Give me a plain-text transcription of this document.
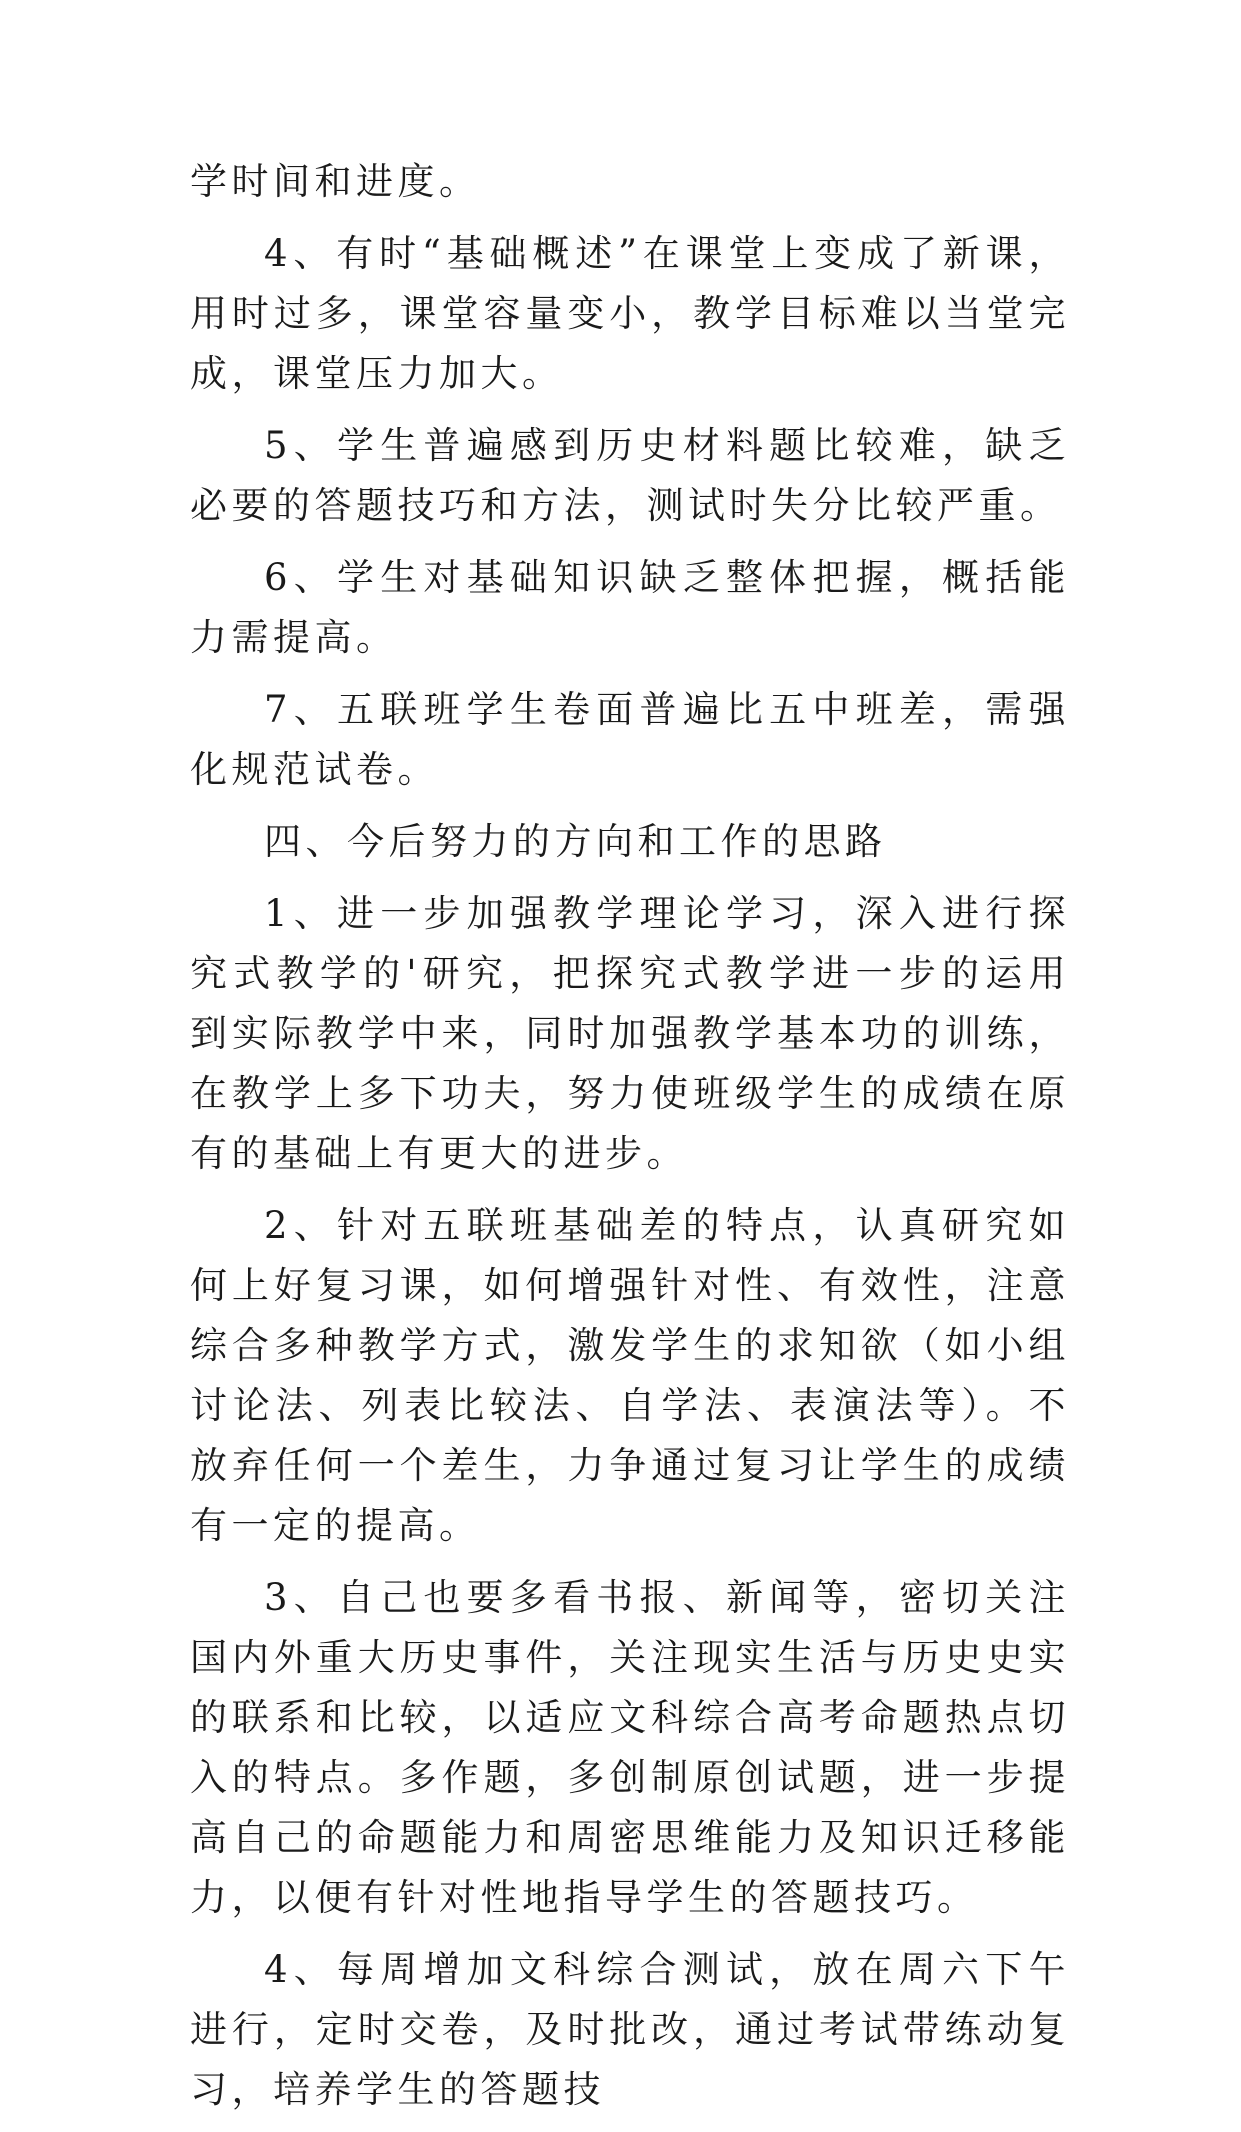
学时间和进度。

4、有时“基础概述”在课堂上变成了新课，用时过多，课堂容量变小，教学目标难以当堂完成，课堂压力加大。

5、学生普遍感到历史材料题比较难，缺乏必要的答题技巧和方法，测试时失分比较严重。

6、学生对基础知识缺乏整体把握，概括能力需提高。

7、五联班学生卷面普遍比五中班差，需强化规范试卷。

四、今后努力的方向和工作的思路

1、进一步加强教学理论学习，深入进行探究式教学的'研究，把探究式教学进一步的运用到实际教学中来，同时加强教学基本功的训练，在教学上多下功夫，努力使班级学生的成绩在原有的基础上有更大的进步。

2、针对五联班基础差的特点，认真研究如何上好复习课，如何增强针对性、有效性，注意综合多种教学方式，激发学生的求知欲（如小组讨论法、列表比较法、自学法、表演法等）。不放弃任何一个差生，力争通过复习让学生的成绩有一定的提高。

3、自己也要多看书报、新闻等，密切关注国内外重大历史事件，关注现实生活与历史史实的联系和比较，以适应文科综合高考命题热点切入的特点。多作题，多创制原创试题，进一步提高自己的命题能力和周密思维能力及知识迁移能力，以便有针对性地指导学生的答题技巧。

4、每周增加文科综合测试，放在周六下午进行，定时交卷，及时批改，通过考试带练动复习，培养学生的答题技
